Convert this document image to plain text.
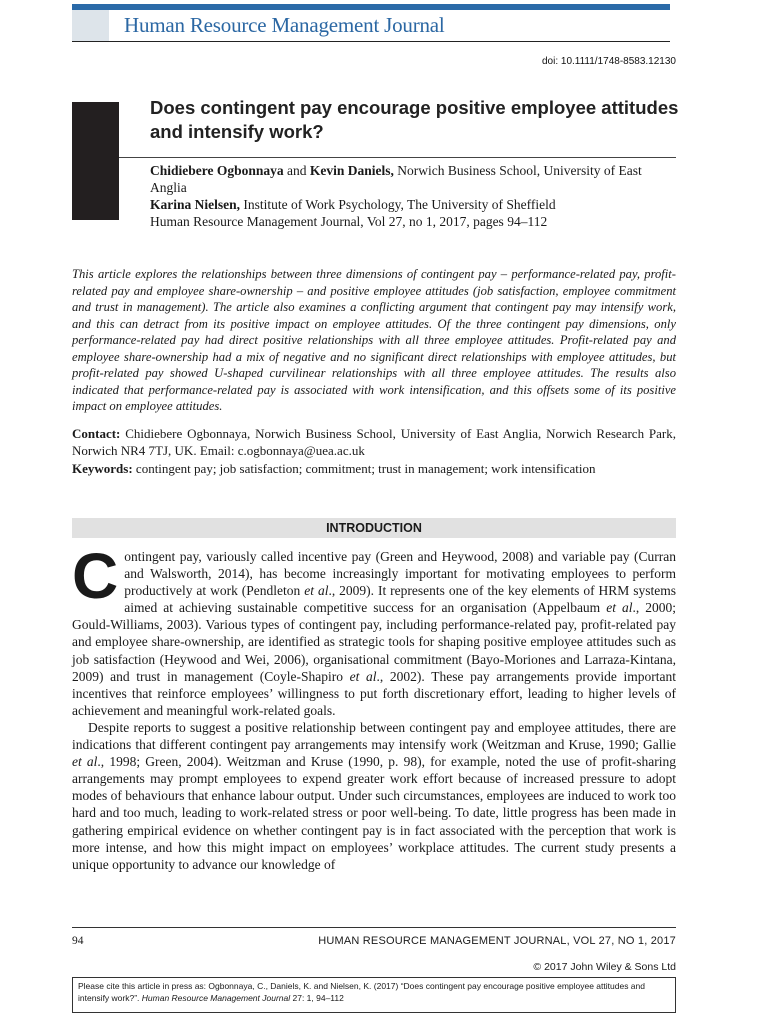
Human Resource Management Journal
doi: 10.1111/1748-8583.12130
Does contingent pay encourage positive employee attitudes and intensify work?

Chidiebere Ogbonnaya and Kevin Daniels, Norwich Business School, University of East Anglia

Karina Nielsen, Institute of Work Psychology, The University of Sheffield

Human Resource Management Journal, Vol 27, no 1, 2017, pages 94–112

This article explores the relationships between three dimensions of contingent pay – performance-related pay, profit-related pay and employee share-ownership – and positive employee attitudes (job satisfaction, employee commitment and trust in management). The article also examines a conflicting argument that contingent pay may intensify work, and this can detract from its positive impact on employee attitudes. Of the three contingent pay dimensions, only performance-related pay had direct positive relationships with all three employee attitudes. Profit-related pay and employee share-ownership had a mix of negative and no significant direct relationships with employee attitudes, but profit-related pay showed U-shaped curvilinear relationships with all three employee attitudes. The results also indicated that performance-related pay is associated with work intensification, and this offsets some of its positive impact on employee attitudes.

Contact: Chidiebere Ogbonnaya, Norwich Business School, University of East Anglia, Norwich Research Park, Norwich NR4 7TJ, UK. Email: c.ogbonnaya@uea.ac.uk

Keywords: contingent pay; job satisfaction; commitment; trust in management; work intensification

INTRODUCTION

Contingent pay, variously called incentive pay (Green and Heywood, 2008) and variable pay (Curran and Walsworth, 2014), has become increasingly important for motivating employees to perform productively at work (Pendleton et al., 2009). It represents one of the key elements of HRM systems aimed at achieving sustainable competitive success for an organisation (Appelbaum et al., 2000; Gould-Williams, 2003). Various types of contingent pay, including performance-related pay, profit-related pay and employee share-ownership, are identified as strategic tools for shaping positive employee attitudes such as job satisfaction (Heywood and Wei, 2006), organisational commitment (Bayo-Moriones and Larraza-Kintana, 2009) and trust in management (Coyle-Shapiro et al., 2002). These pay arrangements provide important incentives that reinforce employees’ willingness to put forth discretionary effort, leading to higher levels of achievement and meaningful work-related goals.

Despite reports to suggest a positive relationship between contingent pay and employee attitudes, there are indications that different contingent pay arrangements may intensify work (Weitzman and Kruse, 1990; Gallie et al., 1998; Green, 2004). Weitzman and Kruse (1990, p. 98), for example, noted the use of profit-sharing arrangements may prompt employees to expend greater work effort because of increased pressure to adopt modes of behaviours that enhance labour output. Under such circumstances, employees are induced to work too hard and too much, leading to work-related stress or poor well-being. To date, little progress has been made in gathering empirical evidence on whether contingent pay is in fact associated with the perception that work is more intense, and how this might impact on employees’ workplace attitudes. The current study presents a unique opportunity to advance our knowledge of

94	HUMAN RESOURCE MANAGEMENT JOURNAL, VOL 27, NO 1, 2017
© 2017 John Wiley & Sons Ltd
Please cite this article in press as: Ogbonnaya, C., Daniels, K. and Nielsen, K. (2017) “Does contingent pay encourage positive employee attitudes and intensify work?”. Human Resource Management Journal 27: 1, 94–112
